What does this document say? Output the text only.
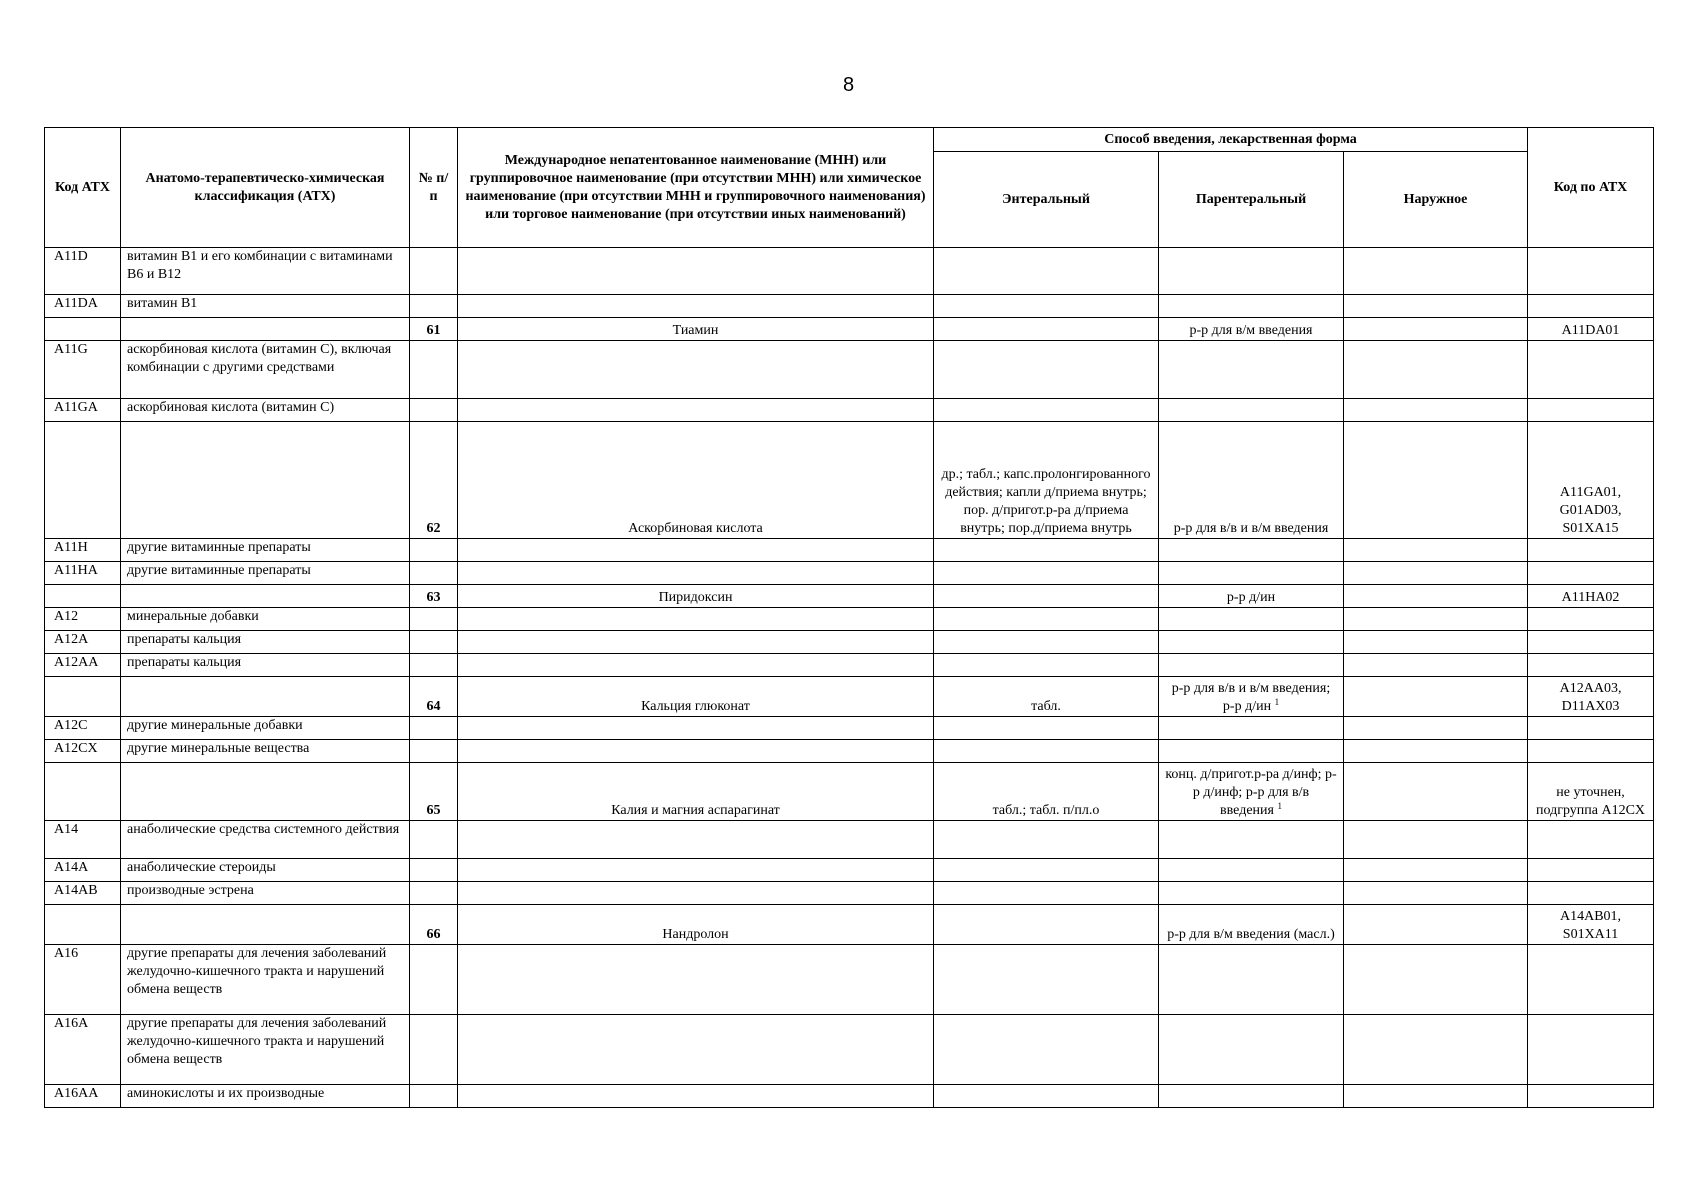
8
Код АТХ	Анатомо-терапевтическо-химическая классификация (АТХ)	№ п/п	Международное непатентованное наименование (МНН) или группировочное наименование (при отсутствии МНН) или химическое наименование (при отсутствии МНН и группировочного наименования) или торговое наименование (при отсутствии иных наименований)	Способ введения, лекарственная форма			Код по АТХ
				Энтеральный	Парентеральный	Наружное	
A11D	витамин В1 и его комбинации с витаминами В6 и В12						
A11DA	витамин В1						
		61	Тиамин		р-р для в/м введения		A11DA01
A11G	аскорбиновая кислота (витамин С), включая комбинации с другими средствами						
A11GA	аскорбиновая кислота (витамин С)						
		62	Аскорбиновая кислота	др.; табл.; капс.пролонгированного действия; капли д/приема внутрь; пор. д/пригот.р-ра д/приема внутрь; пор.д/приема внутрь	р-р для в/в и в/м введения		A11GA01, G01AD03, S01XA15
A11H	другие витаминные препараты						
A11HA	другие витаминные препараты						
		63	Пиридоксин		р-р д/ин		A11HA02
A12	минеральные добавки						
A12A	препараты кальция						
A12AA	препараты кальция						
		64	Кальция глюконат	табл.	р-р для в/в и в/м введения; р-р д/ин $^1$		A12AA03, D11AX03
A12C	другие минеральные добавки						
A12CX	другие минеральные вещества						
		65	Калия и магния аспарагинат	табл.; табл. п/пл.о	конц. д/пригот.р-ра д/инф; р-р д/инф; р-р для в/в введения $^1$		не уточнен, подгруппа A12CX
A14	анаболические средства системного действия						
A14A	анаболические стероиды						
A14AB	производные эстрена						
		66	Нандролон		р-р для в/м введения (масл.)		A14AB01, S01XA11
A16	другие препараты для лечения заболеваний желудочно-кишечного тракта и нарушений обмена веществ						
A16A	другие препараты для лечения заболеваний желудочно-кишечного тракта и нарушений обмена веществ						
A16AA	аминокислоты и их производные						
